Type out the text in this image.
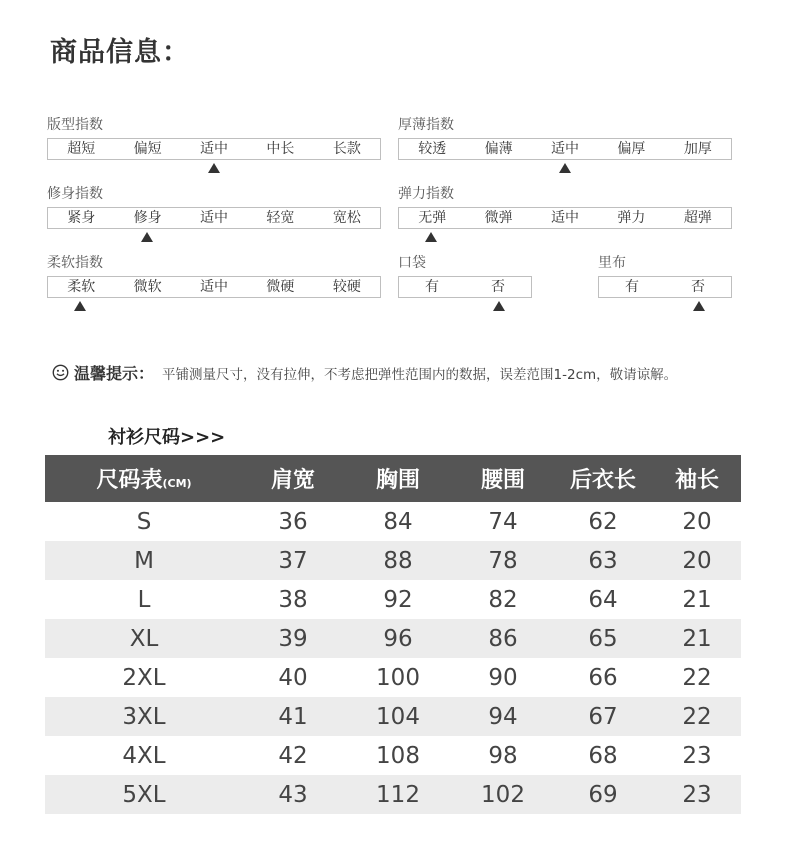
商品信息：
版型指数
超短	偏短	适中	中长	长款
厚薄指数
较透	偏薄	适中	偏厚	加厚
修身指数
紧身	修身	适中	轻宽	宽松
弹力指数
无弹	微弹	适中	弹力	超弹
柔软指数
柔软	微软	适中	微硬	较硬
口袋
有	否
里布
有	否
温馨提示： 平铺测量尺寸，没有拉伸，不考虑把弹性范围内的数据，误差范围1-2cm，敬请谅解。
衬衫尺码>>>
尺码表(CM)	肩宽	胸围	腰围	后衣长	袖长
S	36	84	74	62	20
M	37	88	78	63	20
L	38	92	82	64	21
XL	39	96	86	65	21
2XL	40	100	90	66	22
3XL	41	104	94	67	22
4XL	42	108	98	68	23
5XL	43	112	102	69	23
